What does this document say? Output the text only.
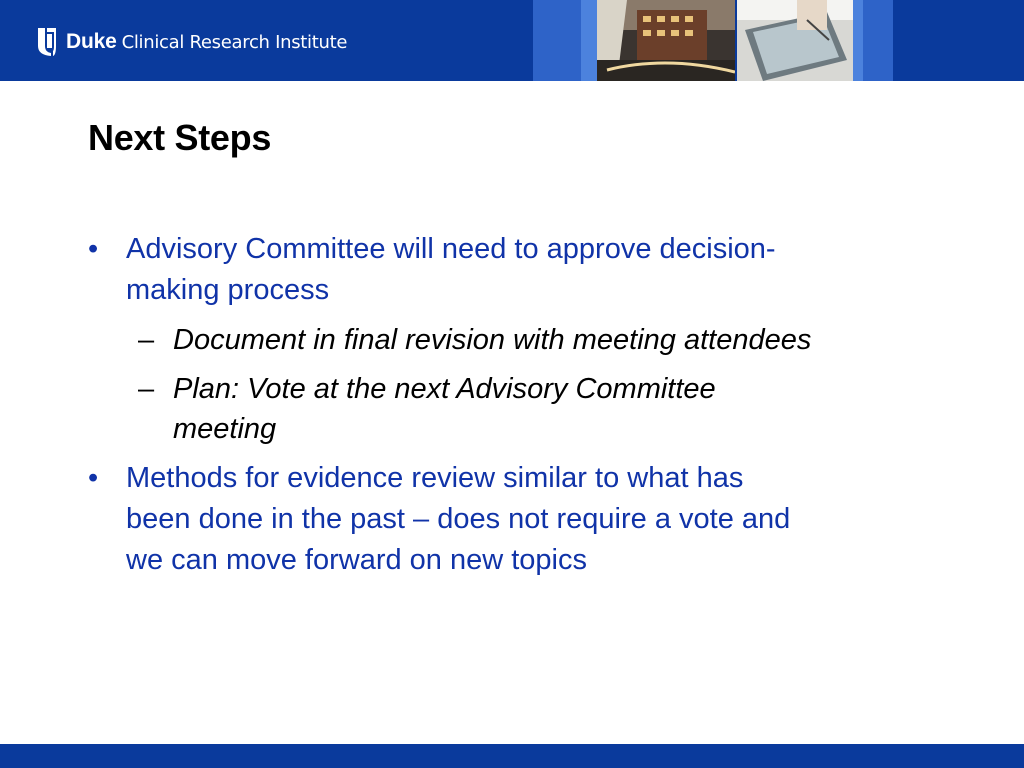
Duke Clinical Research Institute
Next Steps
• Advisory Committee will need to approve decision-
making process
– Document in final revision with meeting attendees
– Plan: Vote at the next Advisory Committee
meeting
• Methods for evidence review similar to what has
been done in the past – does not require a vote and
we can move forward on new topics
